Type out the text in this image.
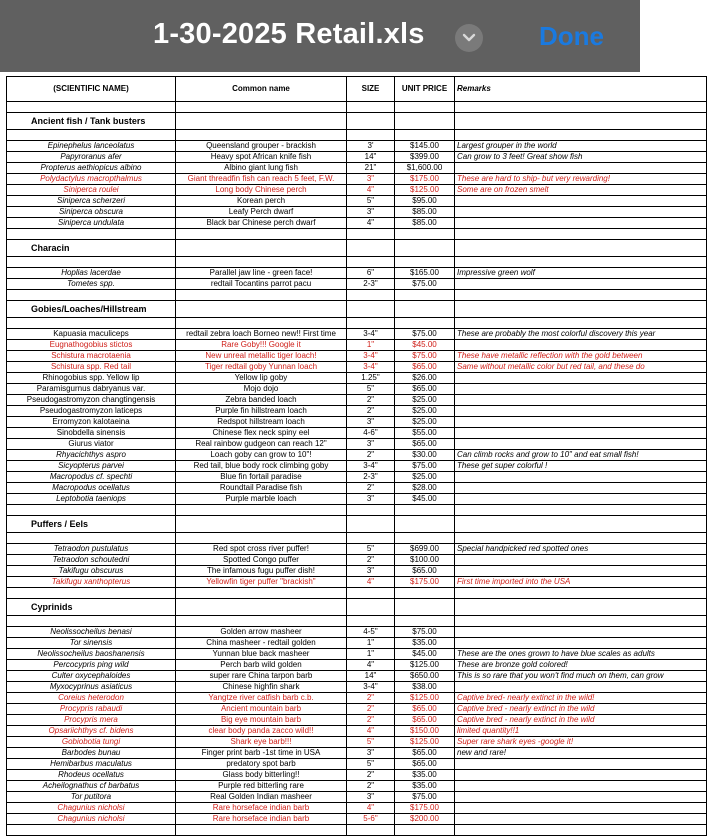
1-30-2025 Retail.xls	Done
(SCIENTIFIC NAME)	Common name	SIZE	UNIT PRICE	Remarks

Ancient fish / Tank busters				

Epinephelus lanceolatus	Queensland grouper - brackish	3'	$145.00	Largest grouper in the world
Papyroranus afer	Heavy spot African knife fish	14"	$399.00	Can grow to 3 feet! Great show fish
Propterus aethiopicus albino	Albino giant lung fish	21"	$1,600.00	
Polydactylus macropthalmus	Giant threadfin fish can reach 5 feet, F.W.	3"	$175.00	These are hard to ship- but very rewarding!
Siniperca roulei	Long body Chinese perch	4"	$125.00	Some are on frozen smelt
Siniperca scherzeri	Korean perch	5"	$95.00	
Siniperca obscura	Leafy Perch dwarf	3"	$85.00	
Siniperca undulata	Black bar Chinese perch dwarf	4"	$85.00	

Characin				

Hoplias lacerdae	Parallel jaw line - green face!	6"	$165.00	Impressive green wolf
Tometes spp.	redtail Tocantins parrot pacu	2-3"	$75.00	

Gobies/Loaches/Hillstream				

Kapuasia maculiceps	redtail zebra loach Borneo new!! First time	3-4"	$75.00	These are probably the most colorful discovery this year
Eugnathogobius stictos	Rare Goby!!! Google it	1"	$45.00	
Schistura macrotaenia	New unreal metallic tiger loach!	3-4"	$75.00	These have metallic reflection with the gold between
Schistura spp. Red tail	Tiger redtail goby Yunnan loach	3-4"	$65.00	Same without metallic color but red tail, and these do
Rhinogobius spp. Yellow lip	Yellow lip goby	1.25"	$26.00	
Paramisgurnus dabryanus var.	Mojo dojo	5"	$65.00	
Pseudogastromyzon changtingensis	Zebra banded loach	2"	$25.00	
Pseudogastromyzon laticeps	Purple fin hillstream loach	2"	$25.00	
Erromyzon kalotaeina	Redspot hillstream loach	3"	$25.00	
Sinobdella sinensis	Chinese flex neck spiny eel	4-6"	$55.00	
Giurus viator	Real rainbow gudgeon can reach 12"	3"	$65.00	
Rhyacichthys aspro	Loach goby can grow to 10"!	2"	$30.00	Can climb rocks and grow to 10" and eat small fish!
Sicyopterus parvei	Red tail, blue body rock climbing goby	3-4"	$75.00	These get super colorful !
Macropodus cf. spechti	Blue fin fortail paradise	2-3"	$25.00	
Macropodus ocellatus	Roundtail Paradise fish	2"	$28.00	
Leptobotia taeniops	Purple marble loach	3"	$45.00	

Puffers / Eels				

Tetraodon pustulatus	Red spot cross river puffer!	5"	$699.00	Special handpicked red spotted ones
Tetraodon schoutedni	Spotted Congo puffer	2"	$100.00	
Takifugu obscurus	The infamous fugu puffer dish!	3"	$65.00	
Takifugu xanthopterus	Yellowfin tiger puffer "brackish"	4"	$175.00	First time imported into the USA

Cyprinids				

Neolissocheilus benasi	Golden arrow masheer	4-5"	$75.00	
Tor sinensis	China masheer - redtail golden	1"	$35.00	
Neolissocheilus baoshanensis	Yunnan blue back masheer	1"	$45.00	These are the ones grown to have blue scales as adults
Percocypris ping wild	Perch barb wild golden	4"	$125.00	These are bronze gold colored!
Culter oxycephaloides	super rare China tarpon barb	14"	$650.00	This is so rare that you won't find much on them, can grow
Myxocyprinus asiaticus	Chinese highfin shark	3-4"	$38.00	
Coreius heterodon	Yangtze river catfish barb c.b.	2"	$125.00	Captive bred- nearly extinct in the wild!
Procypris rabaudi	Ancient mountain barb	2"	$65.00	Captive bred - nearly extinct in the wild
Procypris mera	Big eye mountain barb	2"	$65.00	Captive bred - nearly extinct in the wild
Opsariichthys cf. bidens	clear body panda zacco wild!!	4"	$150.00	limited quantity!!1
Gobiobotia tungi	Shark eye barb!!!	5"	$125.00	Super rare shark eyes -google it!
Barbodes bunau	Finger print barb -1st time in USA	3"	$65.00	new and rare!
Hemibarbus maculatus	predatory spot barb	5"	$65.00	
Rhodeus ocellatus	Glass body bitterling!!	2"	$35.00	
Acheilognathus cf barbatus	Purple red bitterling rare	2"	$35.00	
Tor putitora	Real Golden Indian masheer	3"	$75.00	
Chagunius nicholsi	Rare horseface indian barb	4"	$175.00	
Chagunius nicholsi	Rare horseface indian barb	5-6"	$200.00	
